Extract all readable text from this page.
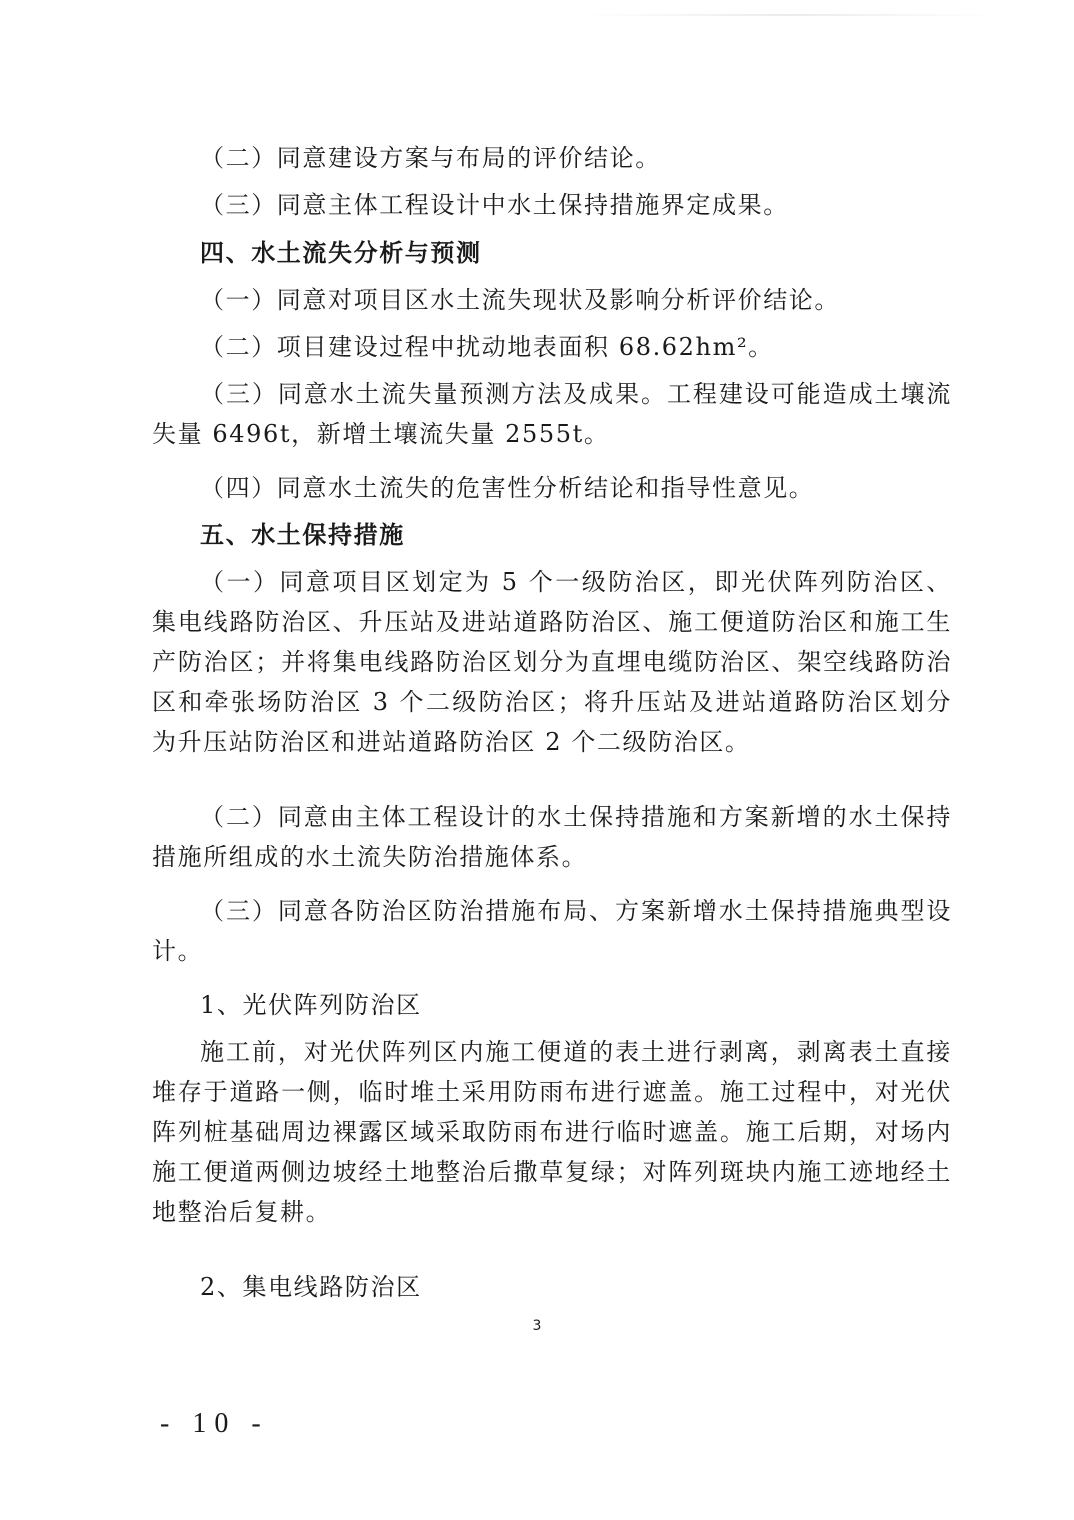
（二）同意建设方案与布局的评价结论。

（三）同意主体工程设计中水土保持措施界定成果。

四、水土流失分析与预测

（一）同意对项目区水土流失现状及影响分析评价结论。

（二）项目建设过程中扰动地表面积 68.62hm²。

（三）同意水土流失量预测方法及成果。工程建设可能造成土壤流失量 6496t，新增土壤流失量 2555t。

（四）同意水土流失的危害性分析结论和指导性意见。

五、水土保持措施

（一）同意项目区划定为 5 个一级防治区，即光伏阵列防治区、集电线路防治区、升压站及进站道路防治区、施工便道防治区和施工生产防治区；并将集电线路防治区划分为直埋电缆防治区、架空线路防治区和牵张场防治区 3 个二级防治区；将升压站及进站道路防治区划分为升压站防治区和进站道路防治区 2 个二级防治区。

（二）同意由主体工程设计的水土保持措施和方案新增的水土保持措施所组成的水土流失防治措施体系。

（三）同意各防治区防治措施布局、方案新增水土保持措施典型设计。

1、光伏阵列防治区

施工前，对光伏阵列区内施工便道的表土进行剥离，剥离表土直接堆存于道路一侧，临时堆土采用防雨布进行遮盖。施工过程中，对光伏阵列桩基础周边裸露区域采取防雨布进行临时遮盖。施工后期，对场内施工便道两侧边坡经土地整治后撒草复绿；对阵列斑块内施工迹地经土地整治后复耕。

2、集电线路防治区

3
- 10 -
